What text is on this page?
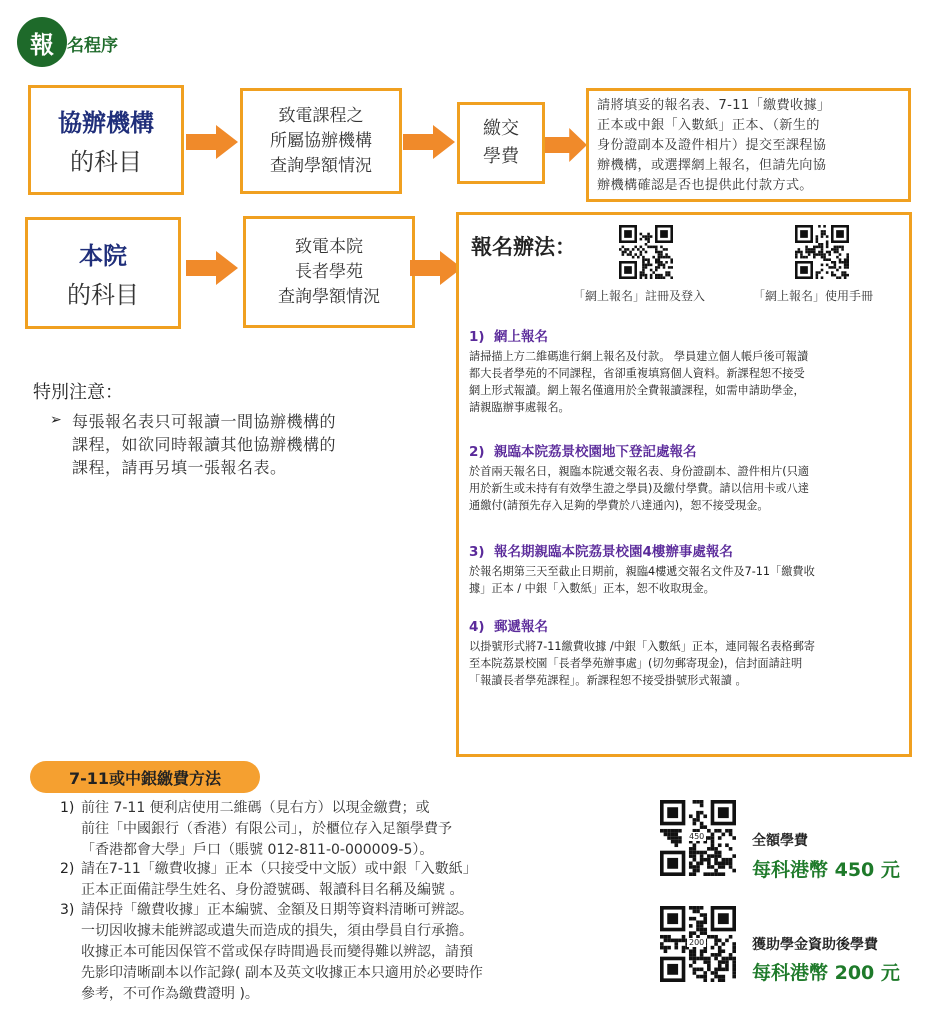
報 名程序
協辦機構
的科目
致電課程之
所屬協辦機構
查詢學額情況
繳交
學費
請將填妥的報名表、7-11「繳費收據」
正本或中銀「入數紙」正本、（新生的
身份證副本及證件相片）提交至課程協
辦機構，或選擇網上報名，但請先向協
辦機構確認是否也提供此付款方式。
本院
的科目
致電本院
長者學苑
查詢學額情況
報名辦法：
「網上報名」註冊及登入	「網上報名」使用手冊
1) 網上報名
請掃描上方二維碼進行網上報名及付款。 學員建立個人帳戶後可報讀
都大長者學苑的不同課程，省卻重複填寫個人資料。新課程恕不接受
網上形式報讀。網上報名僅適用於全費報讀課程，如需申請助學金，
請親臨辦事處報名。
2) 親臨本院荔景校園地下登記處報名
於首兩天報名日，親臨本院遞交報名表、身份證副本、證件相片(只適
用於新生或未持有有效學生證之學員)及繳付學費。請以信用卡或八達
通繳付(請預先存入足夠的學費於八達通內)，恕不接受現金。
3) 報名期親臨本院荔景校園4樓辦事處報名
於報名期第三天至截止日期前，親臨4樓遞交報名文件及7-11「繳費收
據」正本 / 中銀「入數紙」正本，恕不收取現金。
4) 郵遞報名
以掛號形式將7-11繳費收據 /中銀「入數紙」正本，連同報名表格郵寄
至本院荔景校園「長者學苑辦事處」(切勿郵寄現金)，信封面請註明
「報讀長者學苑課程」。新課程恕不接受掛號形式報讀 。
特別注意：
➢ 每張報名表只可報讀一間協辦機構的
課程，如欲同時報讀其他協辦機構的
課程，請再另填一張報名表。
7-11或中銀繳費方法
1) 前往 7-11 便利店使用二維碼（見右方）以現金繳費；或
前往「中國銀行（香港）有限公司」，於櫃位存入足額學費予
「香港都會大學」戶口（賬號 012-811-0-000009-5）。
2) 請在7-11「繳費收據」正本（只接受中文版）或中銀「入數紙」
正本正面備註學生姓名、身份證號碼、報讀科目名稱及編號 。
3) 請保持「繳費收據」正本編號、金額及日期等資料清晰可辨認。
一切因收據未能辨認或遺失而造成的損失，須由學員自行承擔。
收據正本可能因保管不當或保存時間過長而變得難以辨認，請預
先影印清晰副本以作記錄( 副本及英文收據正本只適用於必要時作
參考，不可作為繳費證明 )。
450	全額學費
每科港幣 450 元
200	獲助學金資助後學費
每科港幣 200 元
